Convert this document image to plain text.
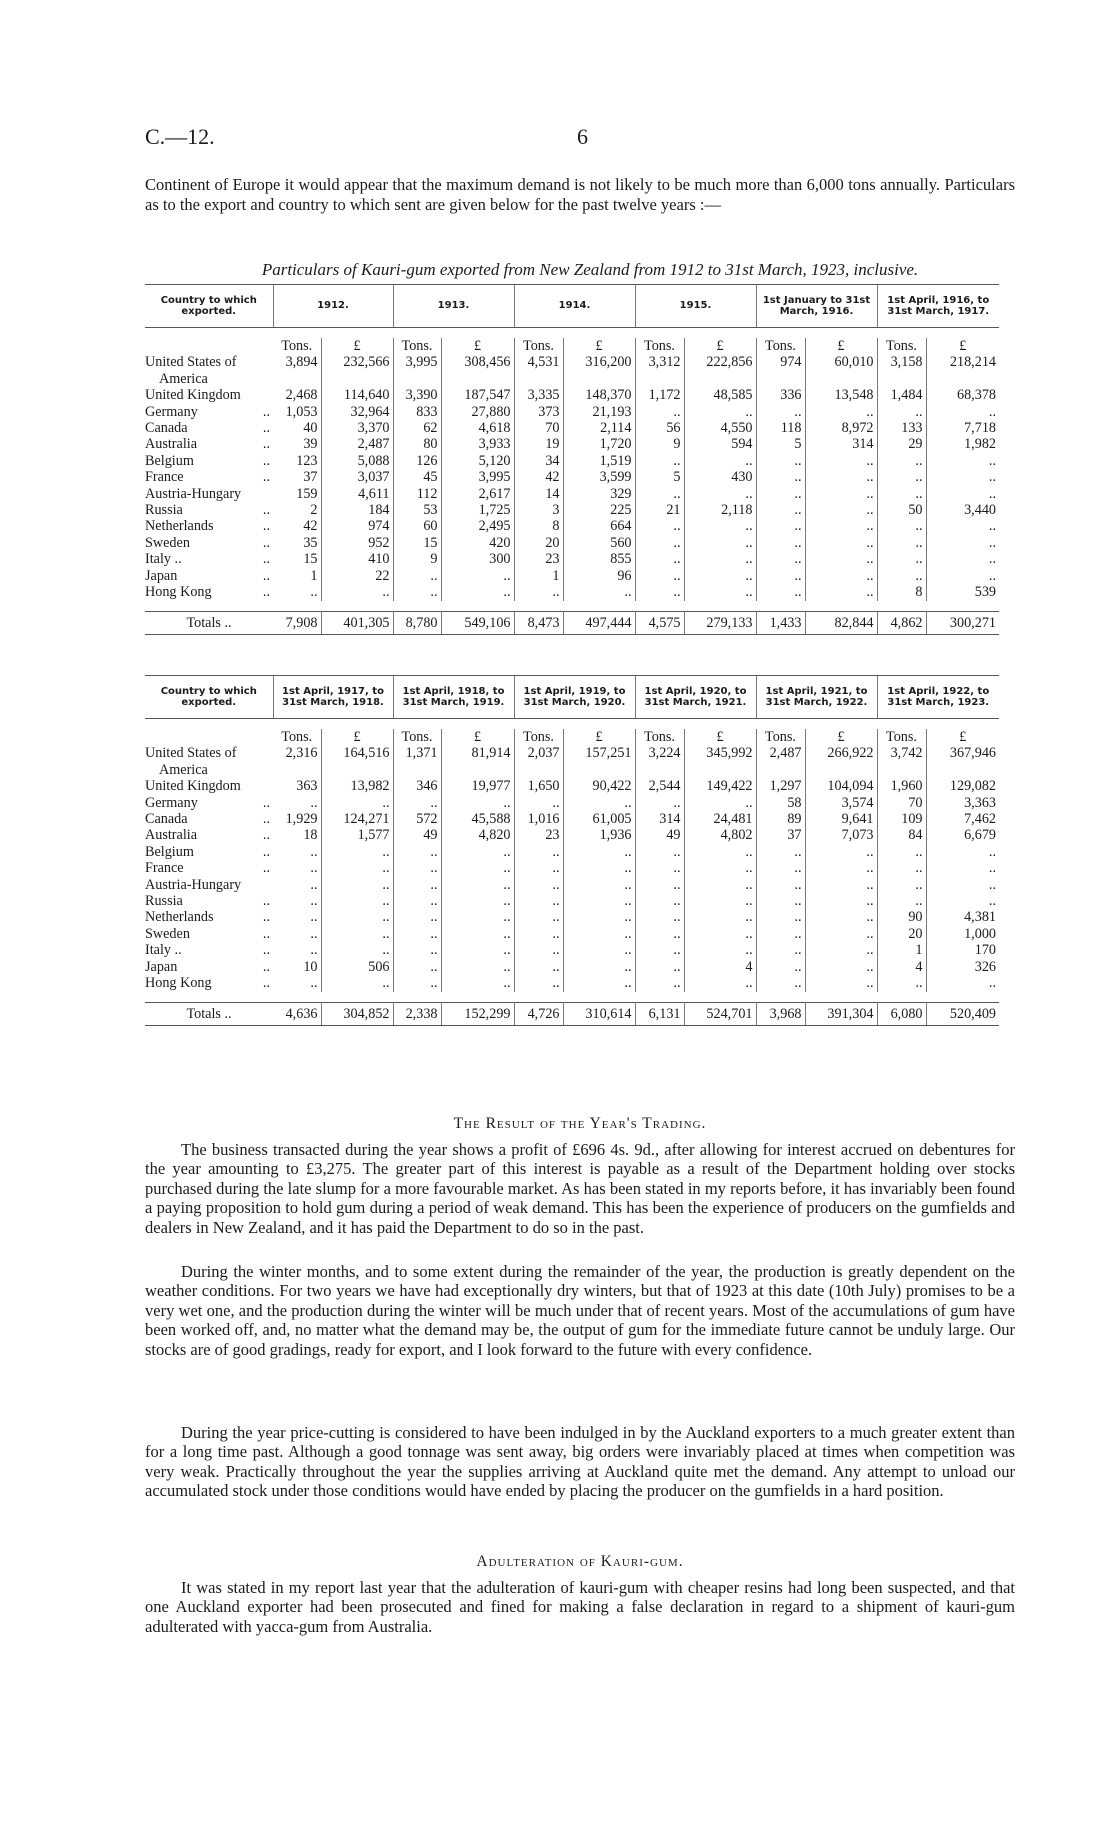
C.—12.	6

Continent of Europe it would appear that the maximum demand is not likely to be much more than 6,000 tons annually. Particulars as to the export and country to which sent are given below for the past twelve years :—

Particulars of Kauri-gum exported from New Zealand from 1912 to 31st March, 1923, inclusive.
Country to which exported.	1912.		1913.		1914.		1915.		1st January to 31st March, 1916.		1st April, 1916, to 31st March, 1917.	

	Tons.	£	Tons.	£	Tons.	£	Tons.	£	Tons.	£	Tons.	£

United States of	3,894	232,566	3,995	308,456	4,531	316,200	3,312	222,856	974	60,010	3,158	218,214
America												

United Kingdom	2,468	114,640	3,390	187,547	3,335	148,370	1,172	48,585	336	13,548	1,484	68,378

Germany ..	1,053	32,964	833	27,880	373	21,193	..	..	..	..	..	..

Canada ..	40	3,370	62	4,618	70	2,114	56	4,550	118	8,972	133	7,718

Australia ..	39	2,487	80	3,933	19	1,720	9	594	5	314	29	1,982

Belgium ..	123	5,088	126	5,120	34	1,519	..	..	..	..	..	..

France ..	37	3,037	45	3,995	42	3,599	5	430	..	..	..	..

Austria-Hungary	159	4,611	112	2,617	14	329	..	..	..	..	..	..

Russia ..	2	184	53	1,725	3	225	21	2,118	..	..	50	3,440

Netherlands ..	42	974	60	2,495	8	664	..	..	..	..	..	..

Sweden ..	35	952	15	420	20	560	..	..	..	..	..	..

Italy .. ..	15	410	9	300	23	855	..	..	..	..	..	..

Japan ..	1	22	..	..	1	96	..	..	..	..	..	..

Hong Kong ..	..	..	..	..	..	..	..	..	..	..	8	539

Totals ..	7,908	401,305	8,780	549,106	8,473	497,444	4,575	279,133	1,433	82,844	4,862	300,271
Country to which exported.	1st April, 1917, to 31st March, 1918.		1st April, 1918, to 31st March, 1919.		1st April, 1919, to 31st March, 1920.		1st April, 1920, to 31st March, 1921.		1st April, 1921, to 31st March, 1922.		1st April, 1922, to 31st March, 1923.	

	Tons.	£	Tons.	£	Tons.	£	Tons.	£	Tons.	£	Tons.	£

United States of	2,316	164,516	1,371	81,914	2,037	157,251	3,224	345,992	2,487	266,922	3,742	367,946
America												

United Kingdom	363	13,982	346	19,977	1,650	90,422	2,544	149,422	1,297	104,094	1,960	129,082

Germany ..	..	..	..	..	..	..	..	..	58	3,574	70	3,363

Canada ..	1,929	124,271	572	45,588	1,016	61,005	314	24,481	89	9,641	109	7,462

Australia ..	18	1,577	49	4,820	23	1,936	49	4,802	37	7,073	84	6,679

Belgium ..	..	..	..	..	..	..	..	..	..	..	..	..

France ..	..	..	..	..	..	..	..	..	..	..	..	..

Austria-Hungary	..	..	..	..	..	..	..	..	..	..	..	..

Russia ..	..	..	..	..	..	..	..	..	..	..	..	..

Netherlands ..	..	..	..	..	..	..	..	..	..	..	90	4,381

Sweden ..	..	..	..	..	..	..	..	..	..	..	20	1,000

Italy .. ..	..	..	..	..	..	..	..	..	..	..	1	170

Japan ..	10	506	..	..	..	..	..	4	..	..	4	326

Hong Kong ..	..	..	..	..	..	..	..	..	..	..	..	..

Totals ..	4,636	304,852	2,338	152,299	4,726	310,614	6,131	524,701	3,968	391,304	6,080	520,409
The Result of the Year's Trading.

The business transacted during the year shows a profit of £696 4s. 9d., after allowing for interest accrued on debentures for the year amounting to £3,275. The greater part of this interest is payable as a result of the Department holding over stocks purchased during the late slump for a more favourable market. As has been stated in my reports before, it has invariably been found a paying proposition to hold gum during a period of weak demand. This has been the experience of producers on the gumfields and dealers in New Zealand, and it has paid the Department to do so in the past.

During the winter months, and to some extent during the remainder of the year, the production is greatly dependent on the weather conditions. For two years we have had exceptionally dry winters, but that of 1923 at this date (10th July) promises to be a very wet one, and the production during the winter will be much under that of recent years. Most of the accumulations of gum have been worked off, and, no matter what the demand may be, the output of gum for the immediate future cannot be unduly large. Our stocks are of good gradings, ready for export, and I look forward to the future with every confidence.

During the year price-cutting is considered to have been indulged in by the Auckland exporters to a much greater extent than for a long time past. Although a good tonnage was sent away, big orders were invariably placed at times when competition was very weak. Practically throughout the year the supplies arriving at Auckland quite met the demand. Any attempt to unload our accumulated stock under those conditions would have ended by placing the producer on the gumfields in a hard position.

Adulteration of Kauri-gum.

It was stated in my report last year that the adulteration of kauri-gum with cheaper resins had long been suspected, and that one Auckland exporter had been prosecuted and fined for making a false declaration in regard to a shipment of kauri-gum adulterated with yacca-gum from Australia.
